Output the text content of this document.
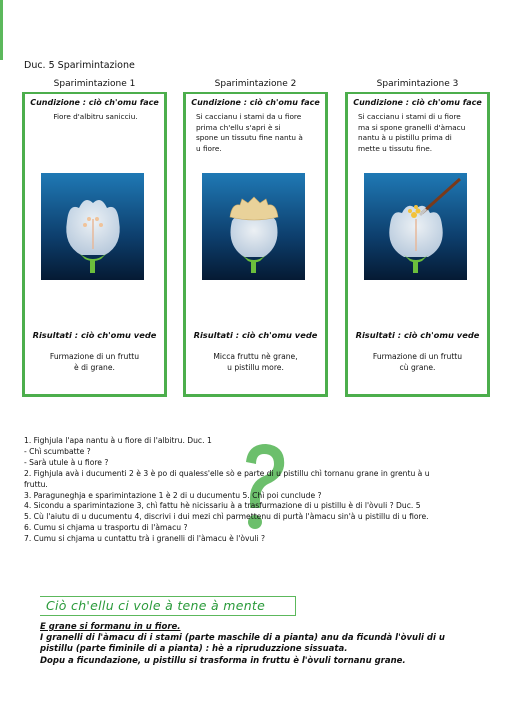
Duc. 5 Sparimintazione
Sparimintazione 1
Cundizione : ciò ch'omu face
Fiore d'albitru sanicciu.
Risultati : ciò ch'omu vede
Furmazione di un fruttu
è di grane.
Sparimintazione 2
Cundizione : ciò ch'omu face
Si caccianu i stami da u fiore
prima ch'ellu s'apri è si
spone un tissutu fine nantu à
u fiore.
Risultati : ciò ch'omu vede
Micca fruttu nè grane,
u pistillu more.
Sparimintazione 3
Cundizione : ciò ch'omu face
Si caccianu i stami di u fiore
ma si spone granelli d'àmacu
nantu à u pistillu prima di
mette u tissutu fine.
Risultati : ciò ch'omu vede
Furmazione di un fruttu
cù grane.
1. Fighjula l'apa nantu à u fiore di l'albitru. Duc. 1
- Chì scumbatte ?
- Sarà utule à u fiore ?
2. Fighjula avà i ducumenti 2 è 3 è po di qualess'elle sò e parte di u pistillu chì tornanu grane in grentu à u
fruttu.
3. Paraguneghja e sparimintazione 1 è 2 di u ducumentu 5. Chì poi cunclude ?
4. Sicondu a sparimintazione 3, chì fattu hè nicissariu à a trasfurmazione di u pistillu è di l'òvuli ? Duc. 5
5. Cù l'aiutu di u ducumentu 4, discrivi i dui mezi chì parmettenu di purtà l'àmacu sin'à u pistillu di u fiore.
6. Cumu si chjama u trasportu di l'àmacu ?
7. Cumu si chjama u cuntattu trà i granelli di l'àmacu è l'òvuli ?
Ciò ch'ellu ci vole à tene à mente
E grane si formanu in u fiore.
I granelli di l'àmacu di i stami (parte maschile di a pianta) anu da ficundà l'òvuli di u
pistillu (parte fiminile di a pianta) : hè a ripruduzzione sissuata.
Dopu a ficundazione, u pistillu si trasforma in fruttu è l'òvuli tornanu grane.
